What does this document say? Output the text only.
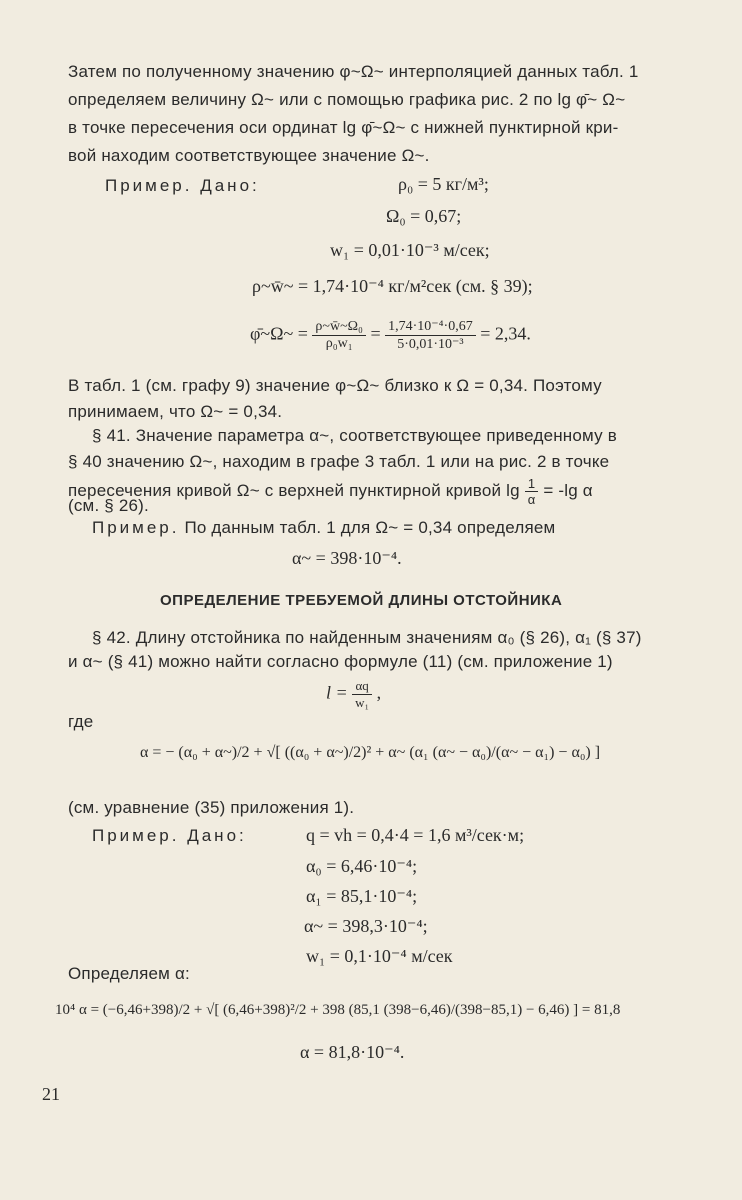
Затем по полученному значению φ~Ω~ интерполяцией данных табл. 1
определяем величину Ω~ или с помощью графика рис. 2 по lg φ̄~ Ω~
в точке пересечения оси ординат lg φ̄~Ω~ с нижней пунктирной кри-
вой находим соответствующее значение Ω~.
Пример. Дано:	ρ₀ = 5 кг/м³;
Ω₀ = 0,67;
w₁ = 0,01·10⁻³ м/сек;
ρ~w̄~ = 1,74·10⁻⁴ кг/м²сек (см. § 39);
φ̄~Ω~ = $\frac{\text{ρ\textasciitilde{}w̄\textasciitilde{}Ω₀}}{\text{ρ₀w₁}} = \frac{\text{1,74·10⁻⁴·0,67}}{\text{5·0,01·10⁻³}} = 2,34$.
В табл. 1 (см. графу 9) значение φ~Ω~ близко к Ω = 0,34. Поэтому
принимаем, что Ω~ = 0,34.
§ 41. Значение параметра α~, соответствующее приведенному в
§ 40 значению Ω~, находим в графе 3 табл. 1 или на рис. 2 в точке
пересечения кривой Ω~ с верхней пунктирной кривой $\lg \frac{1}{\alpha} = -\lg$ α
(см. § 26).
Пример. По данным табл. 1 для Ω~ = 0,34 определяем
α~ = 398·10⁻⁴.
ОПРЕДЕЛЕНИЕ ТРЕБУЕМОЙ ДЛИНЫ ОТСТОЙНИКА
§ 42. Длину отстойника по найденным значениям α₀ (§ 26), α₁ (§ 37)
и α~ (§ 41) можно найти согласно формуле (11) (см. приложение 1)
$l = \frac{\alpha q}{\text{w₁}}$ ,
где
α = − (α₀ + α~)/2 + √[ ((α₀ + α~)/2)² + α~ (α₁ (α~ − α₀)/(α~ − α₁) − α₀) ]
(см. уравнение (35) приложения 1).
Пример. Дано:	q = vh = 0,4·4 = 1,6 м³/сек·м;
α₀ = 6,46·10⁻⁴;
α₁ = 85,1·10⁻⁴;
α~ = 398,3·10⁻⁴;
w₁ = 0,1·10⁻⁴ м/сек
Определяем α:
10⁴ α = (−6,46+398)/2 + √[ (6,46+398)²/2 + 398 (85,1 (398−6,46)/(398−85,1) − 6,46) ] = 81,8
α = 81,8·10⁻⁴.
21
